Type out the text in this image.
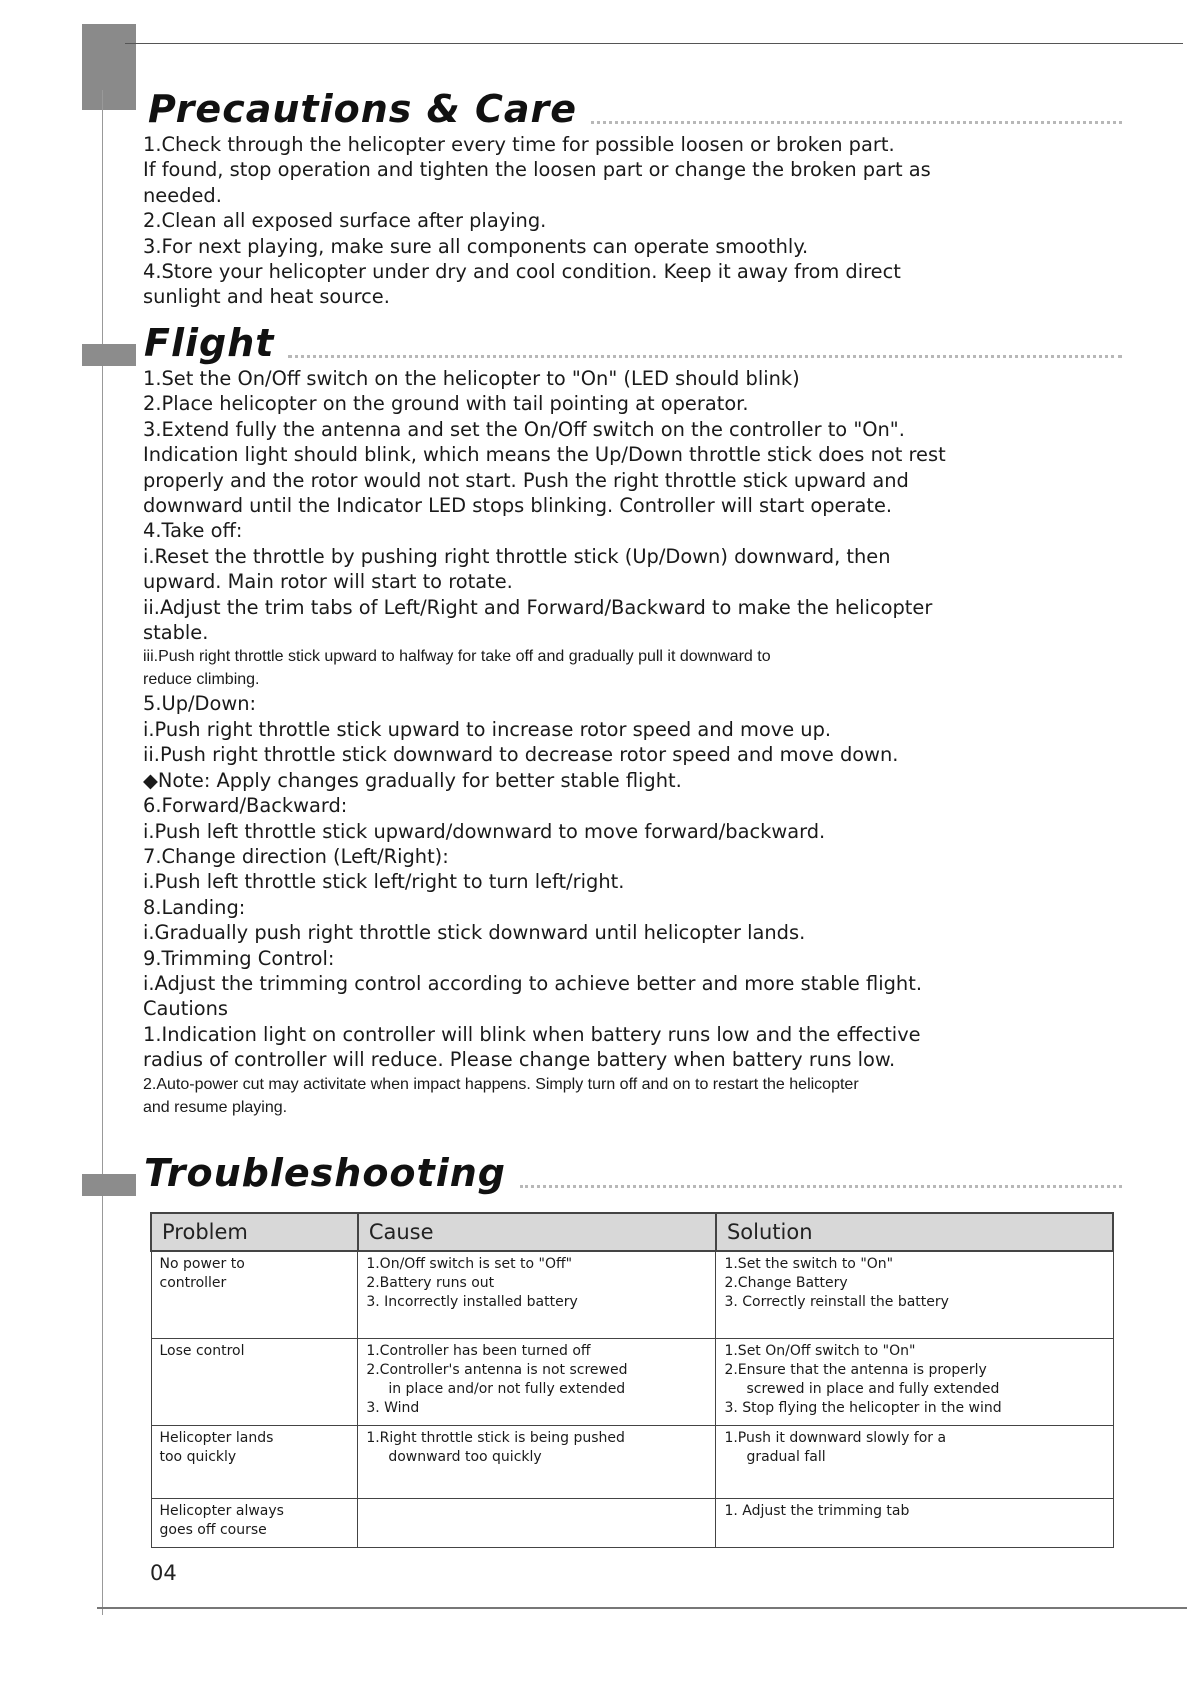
Precautions & Care

1.Check through the helicopter every time for possible loosen or broken part.

If found, stop operation and tighten the loosen part or change the broken part as

needed.

2.Clean all exposed surface after playing.

3.For next playing, make sure all components can operate smoothly.

4.Store your helicopter under dry and cool condition. Keep it away from direct

sunlight and heat source.

Flight

1.Set the On/Off switch on the helicopter to "On" (LED should blink)

2.Place helicopter on the ground with tail pointing at operator.

3.Extend fully the antenna and set the On/Off switch on the controller to "On".

Indication light should blink, which means the Up/Down throttle stick does not rest

properly and the rotor would not start. Push the right throttle stick upward and

downward until the Indicator LED stops blinking. Controller will start operate.

4.Take off:

i.Reset the throttle by pushing right throttle stick (Up/Down) downward, then

upward. Main rotor will start to rotate.

ii.Adjust the trim tabs of Left/Right and Forward/Backward to make the helicopter

stable.

iii.Push right throttle stick upward to halfway for take off and gradually pull it downward to

reduce climbing.

5.Up/Down:

i.Push right throttle stick upward to increase rotor speed and move up.

ii.Push right throttle stick downward to decrease rotor speed and move down.

◆Note: Apply changes gradually for better stable flight.

6.Forward/Backward:

i.Push left throttle stick upward/downward to move forward/backward.

7.Change direction (Left/Right):

i.Push left throttle stick left/right to turn left/right.

8.Landing:

i.Gradually push right throttle stick downward until helicopter lands.

9.Trimming Control:

i.Adjust the trimming control according to achieve better and more stable flight.

Cautions

1.Indication light on controller will blink when battery runs low and the effective

radius of controller will reduce. Please change battery when battery runs low.

2.Auto-power cut may activitate when impact happens. Simply turn off and on to restart the helicopter

and resume playing.

Troubleshooting
Problem	Cause	Solution

No power to
controller	1.On/Off switch is set to "Off"
2.Battery runs out
3. Incorrectly installed battery	1.Set the switch to "On"
2.Change Battery
3. Correctly reinstall the battery

Lose control	1.Controller has been turned off
2.Controller's antenna is not screwed
in place and/or not fully extended
3. Wind	1.Set On/Off switch to "On"
2.Ensure that the antenna is properly
screwed in place and fully extended
3. Stop flying the helicopter in the wind

Helicopter lands
too quickly	1.Right throttle stick is being pushed
downward too quickly	1.Push it downward slowly for a
gradual fall

Helicopter always
goes off course		1. Adjust the trimming tab
04
